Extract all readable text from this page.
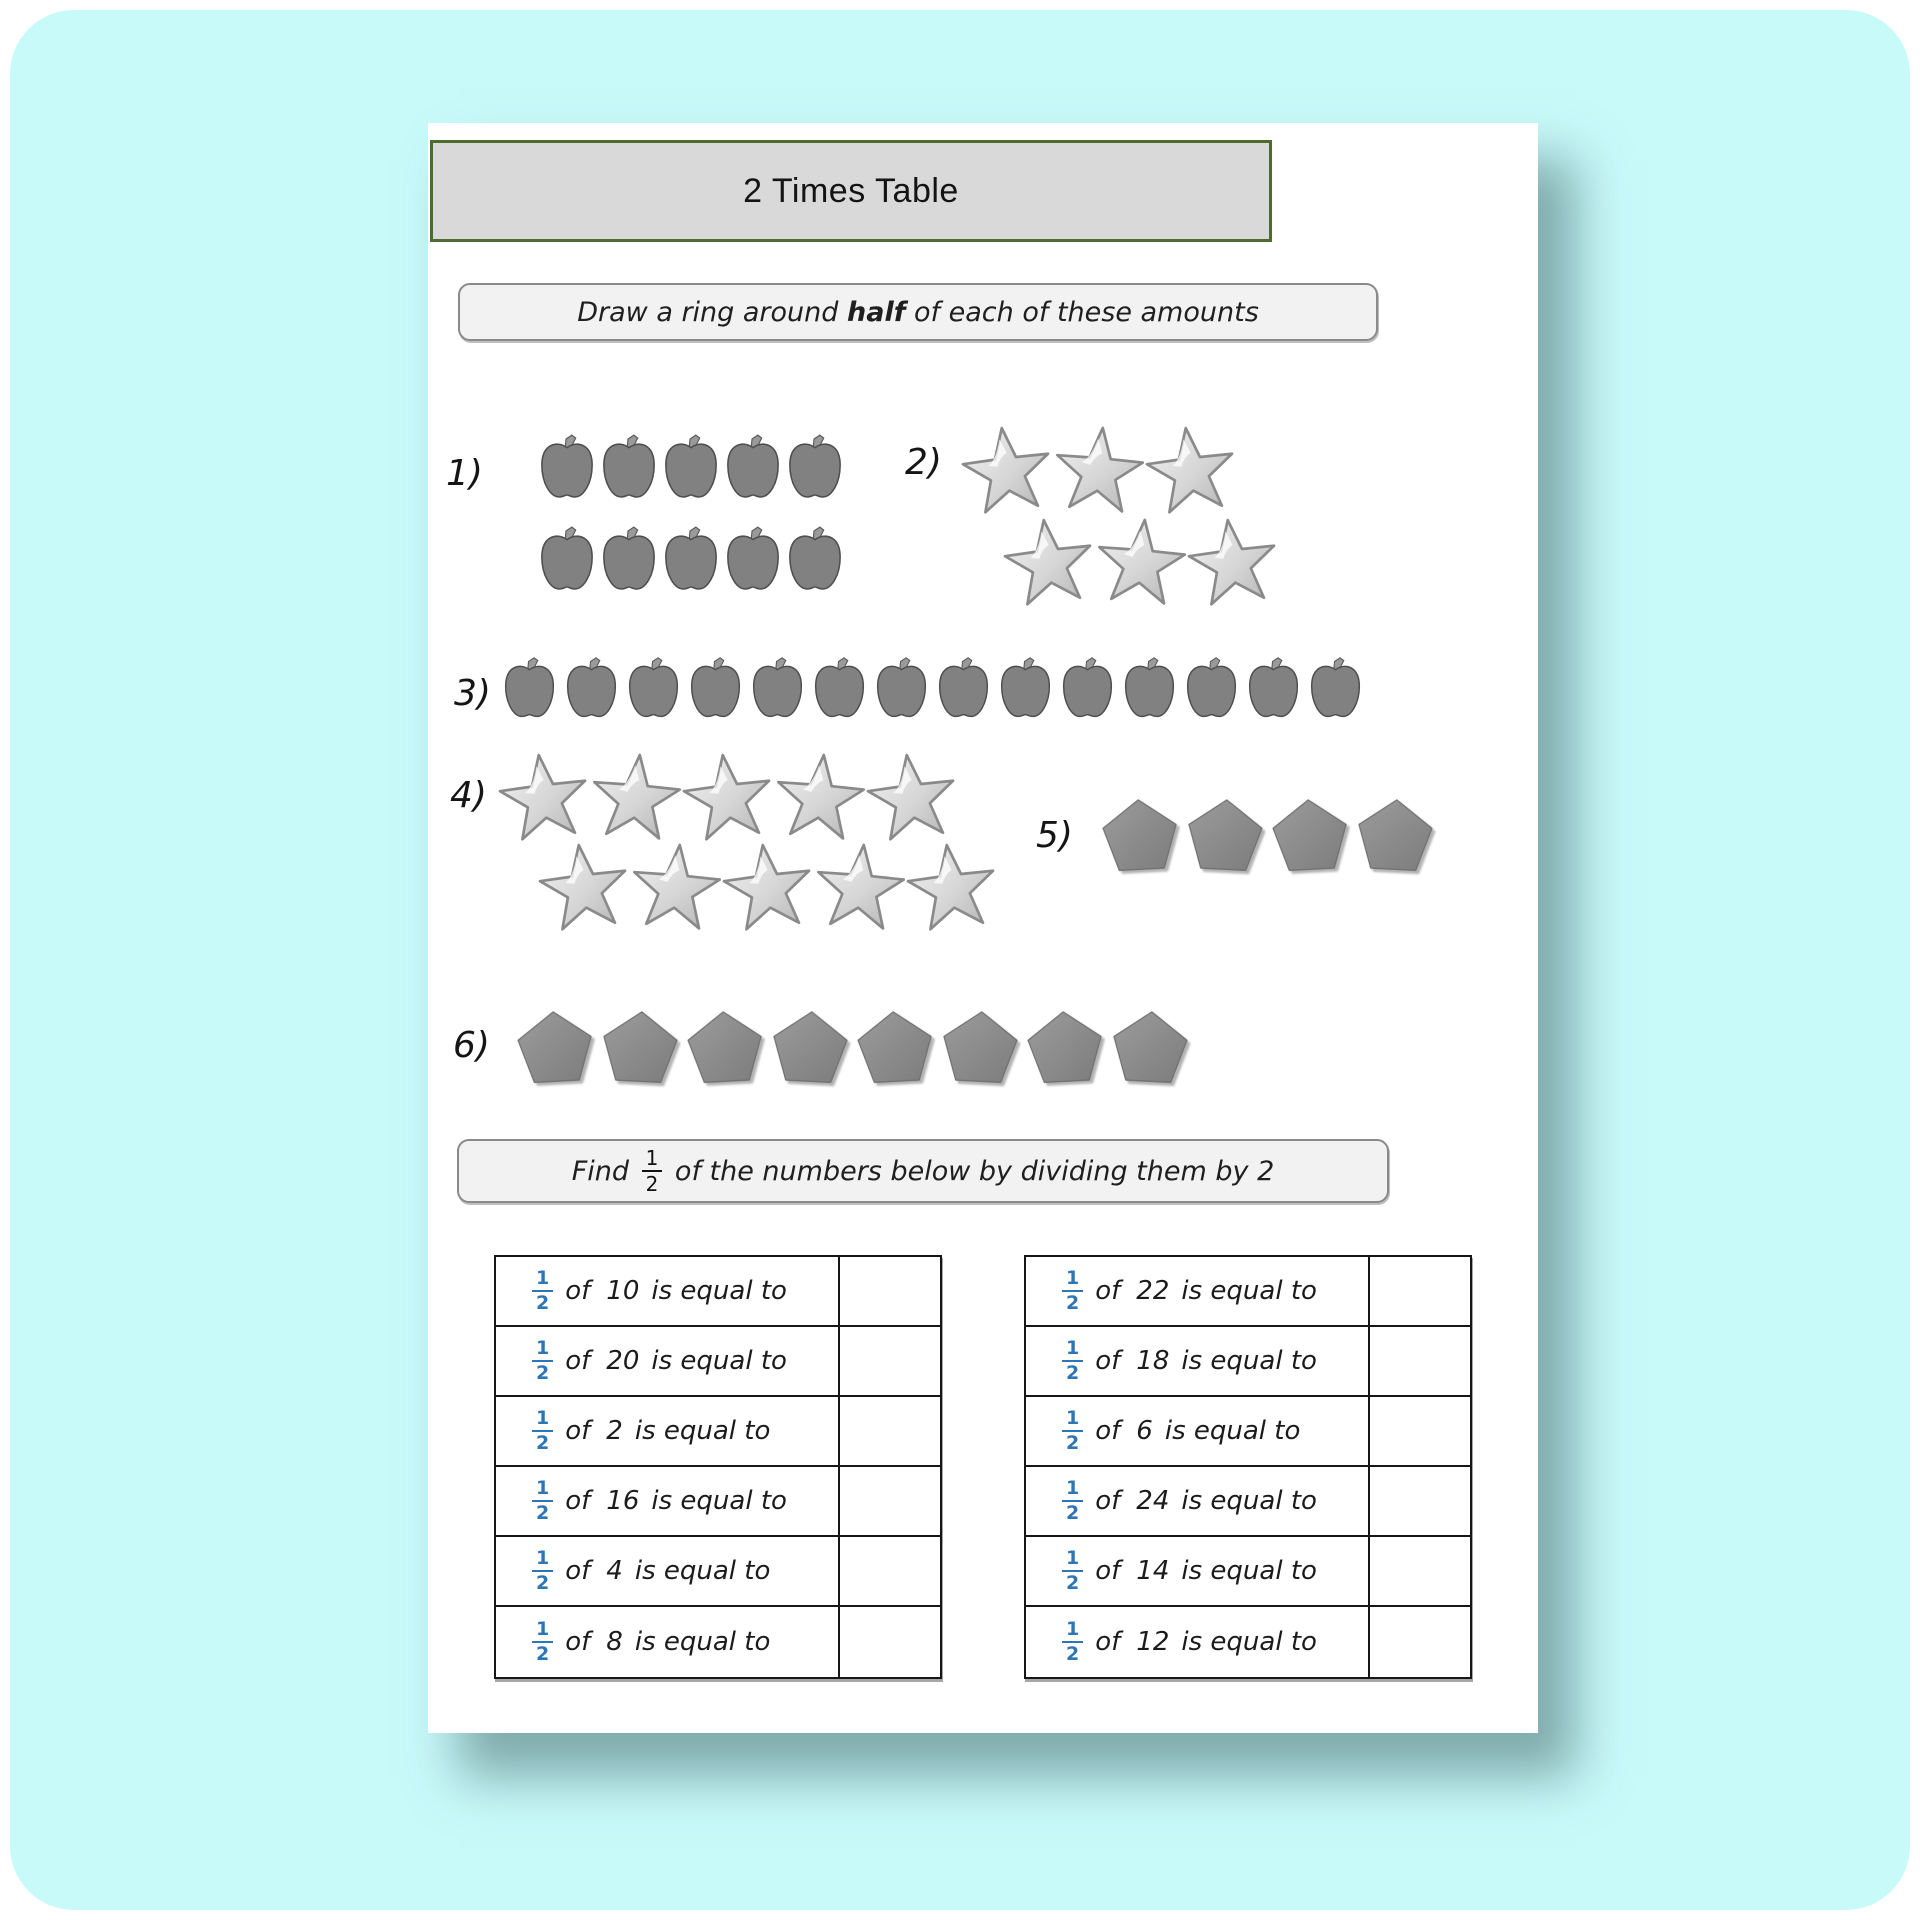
2 Times Table
Draw a ring around half of each of these amounts
1)	2)
3)
4)
5)
6)
Find $\frac{1}{2}$ of the numbers below by dividing them by 2
$\frac{1}{2}$ of 10 is equal to
$\frac{1}{2}$ of 20 is equal to
$\frac{1}{2}$ of 2 is equal to
$\frac{1}{2}$ of 16 is equal to
$\frac{1}{2}$ of 4 is equal to
$\frac{1}{2}$ of 8 is equal to
$\frac{1}{2}$ of 22 is equal to
$\frac{1}{2}$ of 18 is equal to
$\frac{1}{2}$ of 6 is equal to
$\frac{1}{2}$ of 24 is equal to
$\frac{1}{2}$ of 14 is equal to
$\frac{1}{2}$ of 12 is equal to
